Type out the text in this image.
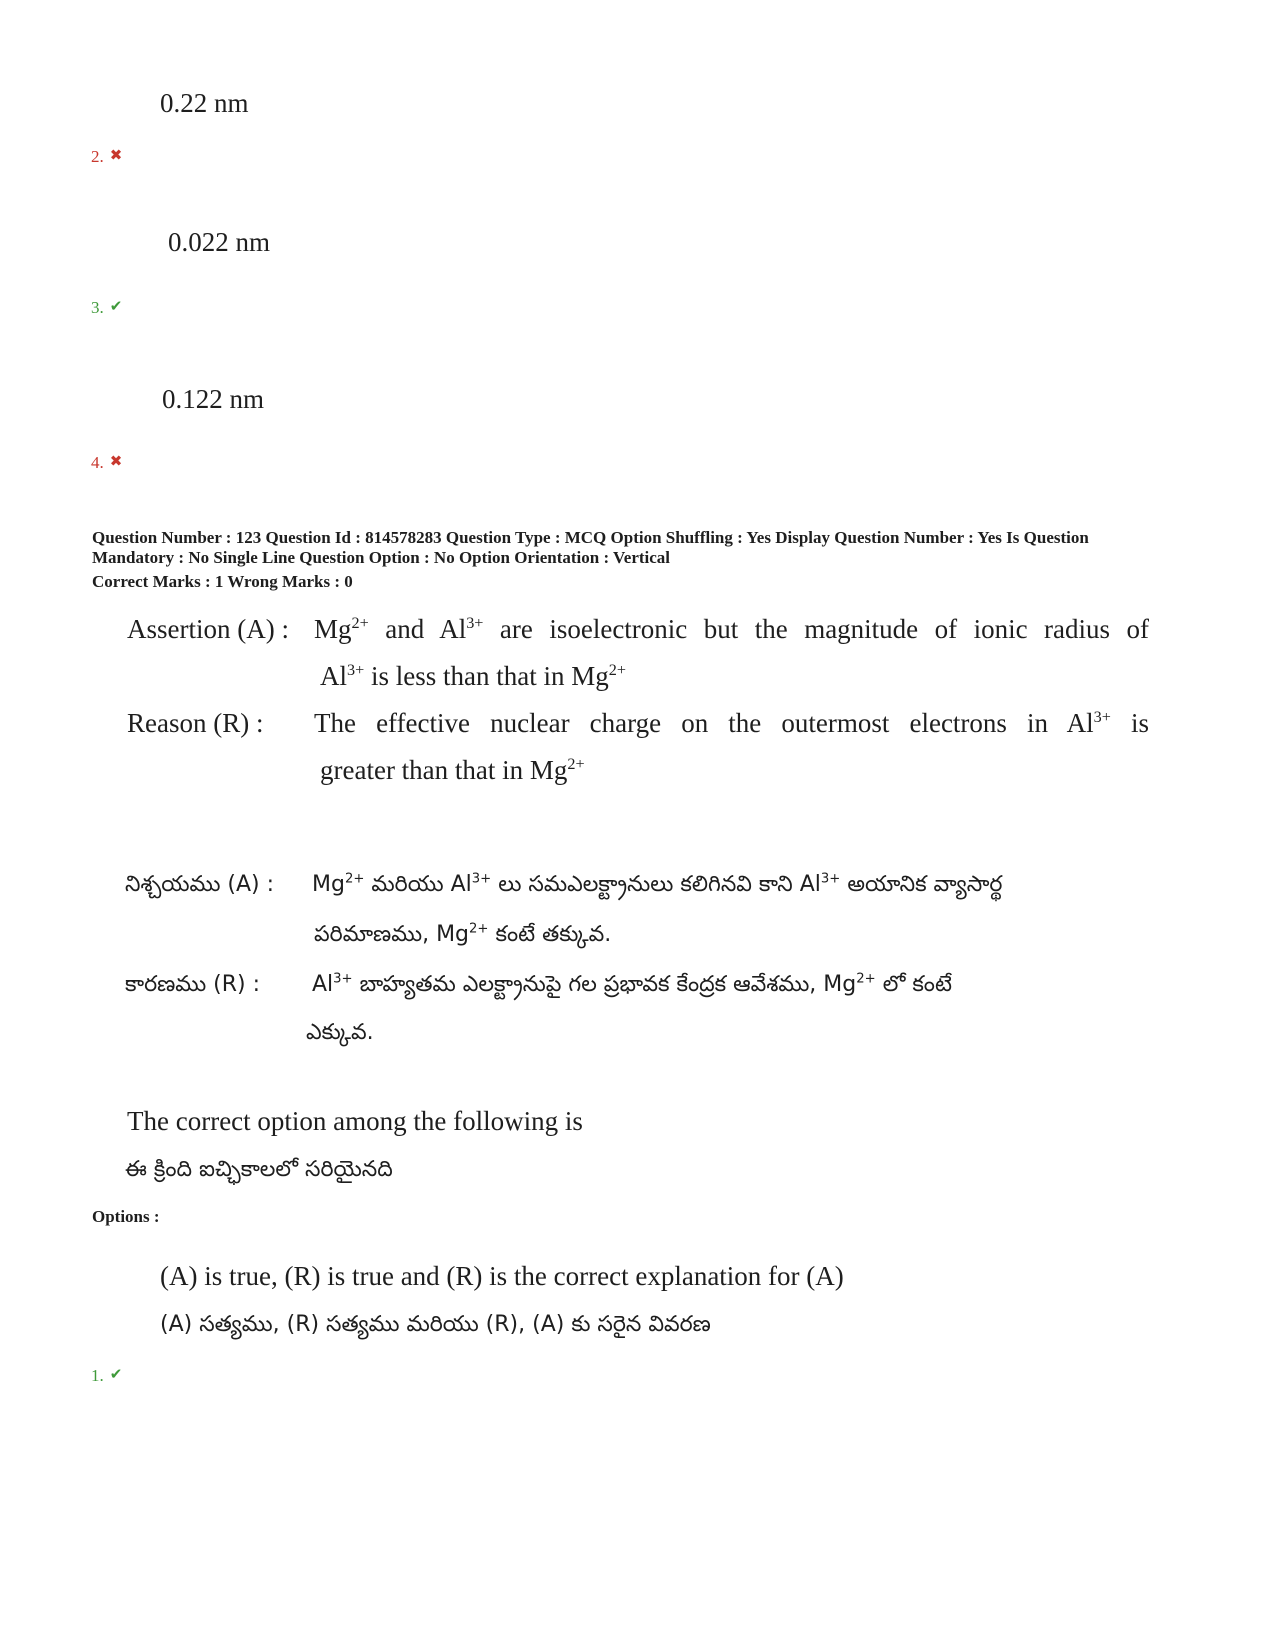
0.22 nm
2. ✖
0.022 nm
3. ✔
0.122 nm
4. ✖
Question Number : 123 Question Id : 814578283 Question Type : MCQ Option Shuffling : Yes Display Question Number : Yes Is Question
Mandatory : No Single Line Question Option : No Option Orientation : Vertical
Correct Marks : 1 Wrong Marks : 0
Assertion (A) : $Mg^{2+}$ and $Al^{3+}$ are isoelectronic but the magnitude of ionic radius of
$Al^{3+}$ is less than that in $Mg^{2+}$
Reason (R) : The effective nuclear charge on the outermost electrons in $Al^{3+}$ is
greater than that in $Mg^{2+}$
నిశ్చయము (A) : $Mg^{2+}$ మరియు $Al^{3+}$ లు సమఎలక్ట్రానులు కలిగినవి కాని $Al^{3+}$ అయానిక వ్యాసార్థ
పరిమాణము, $Mg^{2+}$ కంటే తక్కువ.
కారణము (R) : $Al^{3+}$ బాహ్యతమ ఎలక్ట్రానుపై గల ప్రభావక కేంద్రక ఆవేశము, $Mg^{2+}$ లో కంటే
ఎక్కువ.
The correct option among the following is
ఈ క్రింది ఐచ్ఛికాలలో సరియైనది
Options :
(A) is true, (R) is true and (R) is the correct explanation for (A)
(A) సత్యము, (R) సత్యము మరియు (R), (A) కు సరైన వివరణ
1. ✔
